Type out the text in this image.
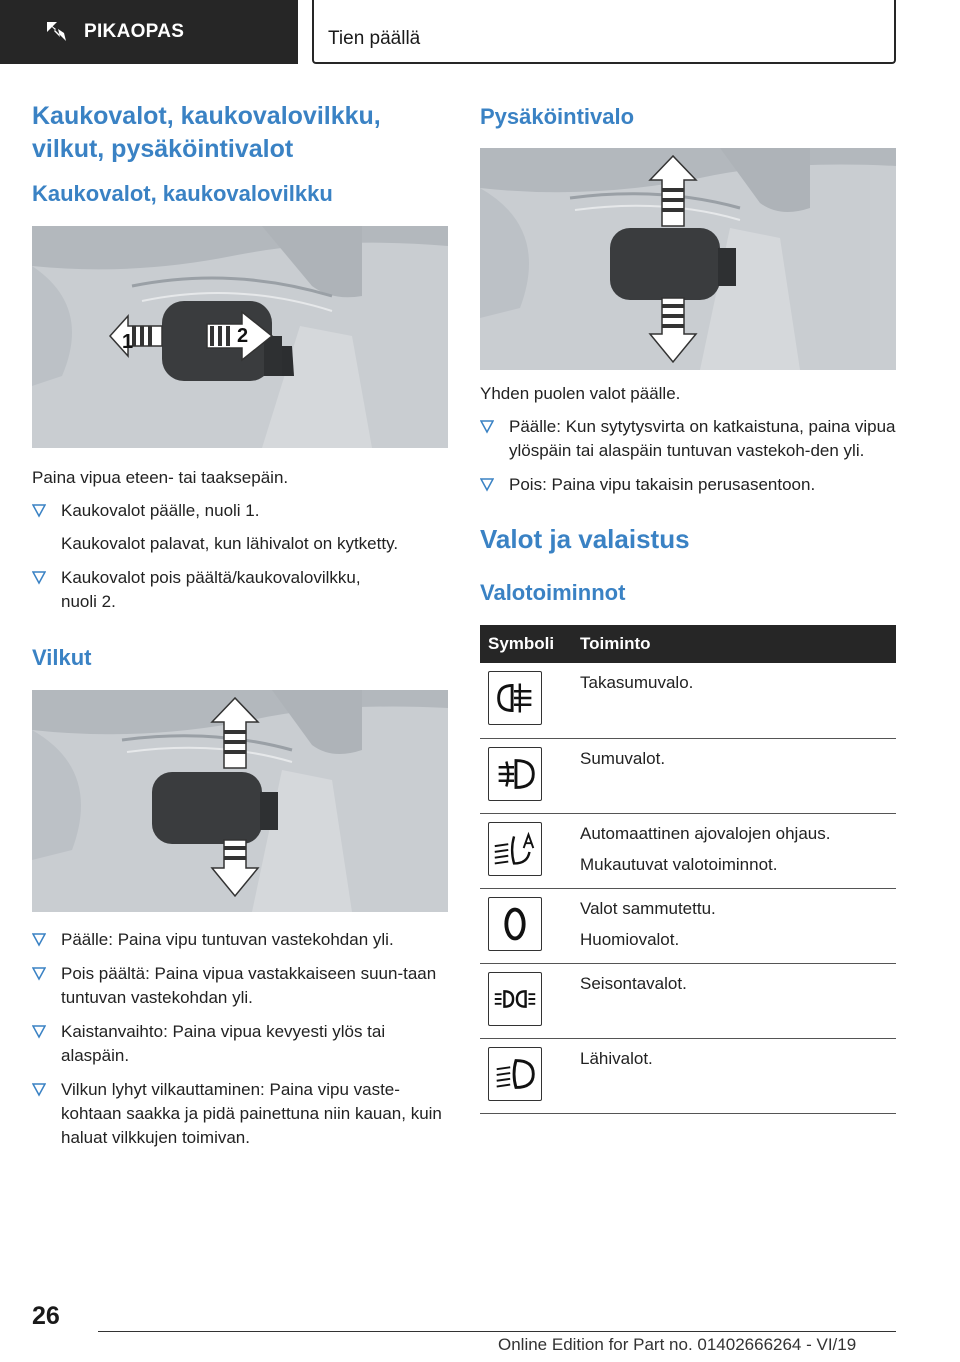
PIKAOPAS	Tien päällä
Kaukovalot, kaukovalovilkku, vilkut, pysäköintivalot
Kaukovalot, kaukovalovilkku
1	2

Paina vipua eteen- tai taaksepäin.

Kaukovalot päälle, nuoli 1.
Kaukovalot palavat, kun lähivalot on kytketty.
Kaukovalot pois päältä/kaukovalovilkku, nuoli 2.
Vilkut
Päälle: Paina vipu tuntuvan vastekohdan yli.
Pois päältä: Paina vipua vastakkaiseen suun-taan tuntuvan vastekohdan yli.
Kaistanvaihto: Paina vipua kevyesti ylös tai alaspäin.
Vilkun lyhyt vilkauttaminen: Paina vipu vaste-kohtaan saakka ja pidä painettuna niin kauan, kuin haluat vilkkujen toimivan.
Pysäköintivalo

Yhden puolen valot päälle.

Päälle: Kun sytytysvirta on katkaistuna, paina vipua ylöspäin tai alaspäin tuntuvan vastekoh-den yli.
Pois: Paina vipu takaisin perusasentoon.
Valot ja valaistus
Valotoiminnot
Symboli	Toiminto

Takasumuvalo.

Sumuvalot.

Automaattinen ajovalojen ohjaus.
Mukautuvat valotoiminnot.

Valot sammutettu.
Huomiovalot.

Seisontavalot.

Lähivalot.
26
Online Edition for Part no. 01402666264 - VI/19
